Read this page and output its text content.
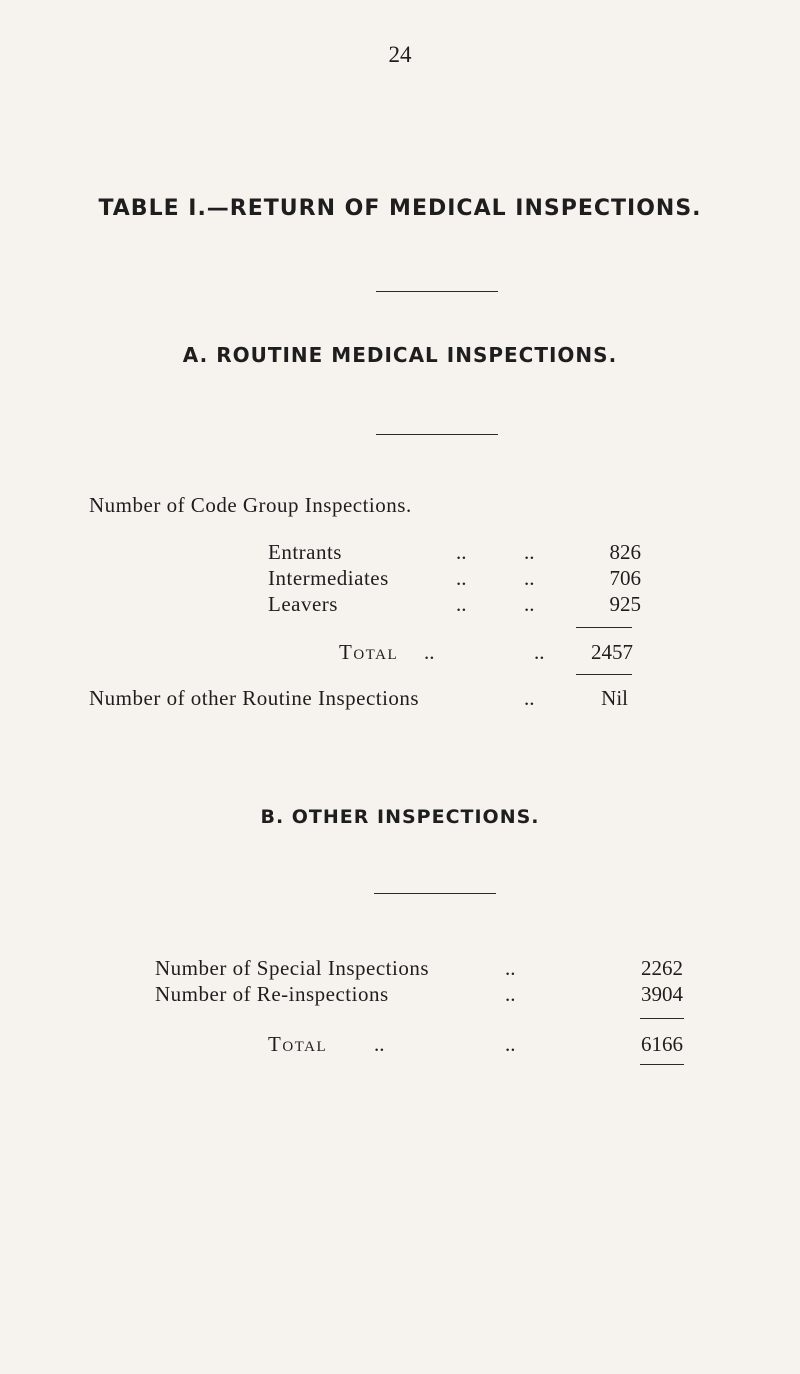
24
TABLE I.—RETURN OF MEDICAL INSPECTIONS.
A. ROUTINE MEDICAL INSPECTIONS.
Number of Code Group Inspections.
Entrants	..	..	826
Intermediates	..	..	706
Leavers	..	..	925
Total ..	..	2457
Number of other Routine Inspections	..	Nil
B. OTHER INSPECTIONS.
Number of Special Inspections	..	2262
Number of Re-inspections	..	3904
Total ..	..	6166
